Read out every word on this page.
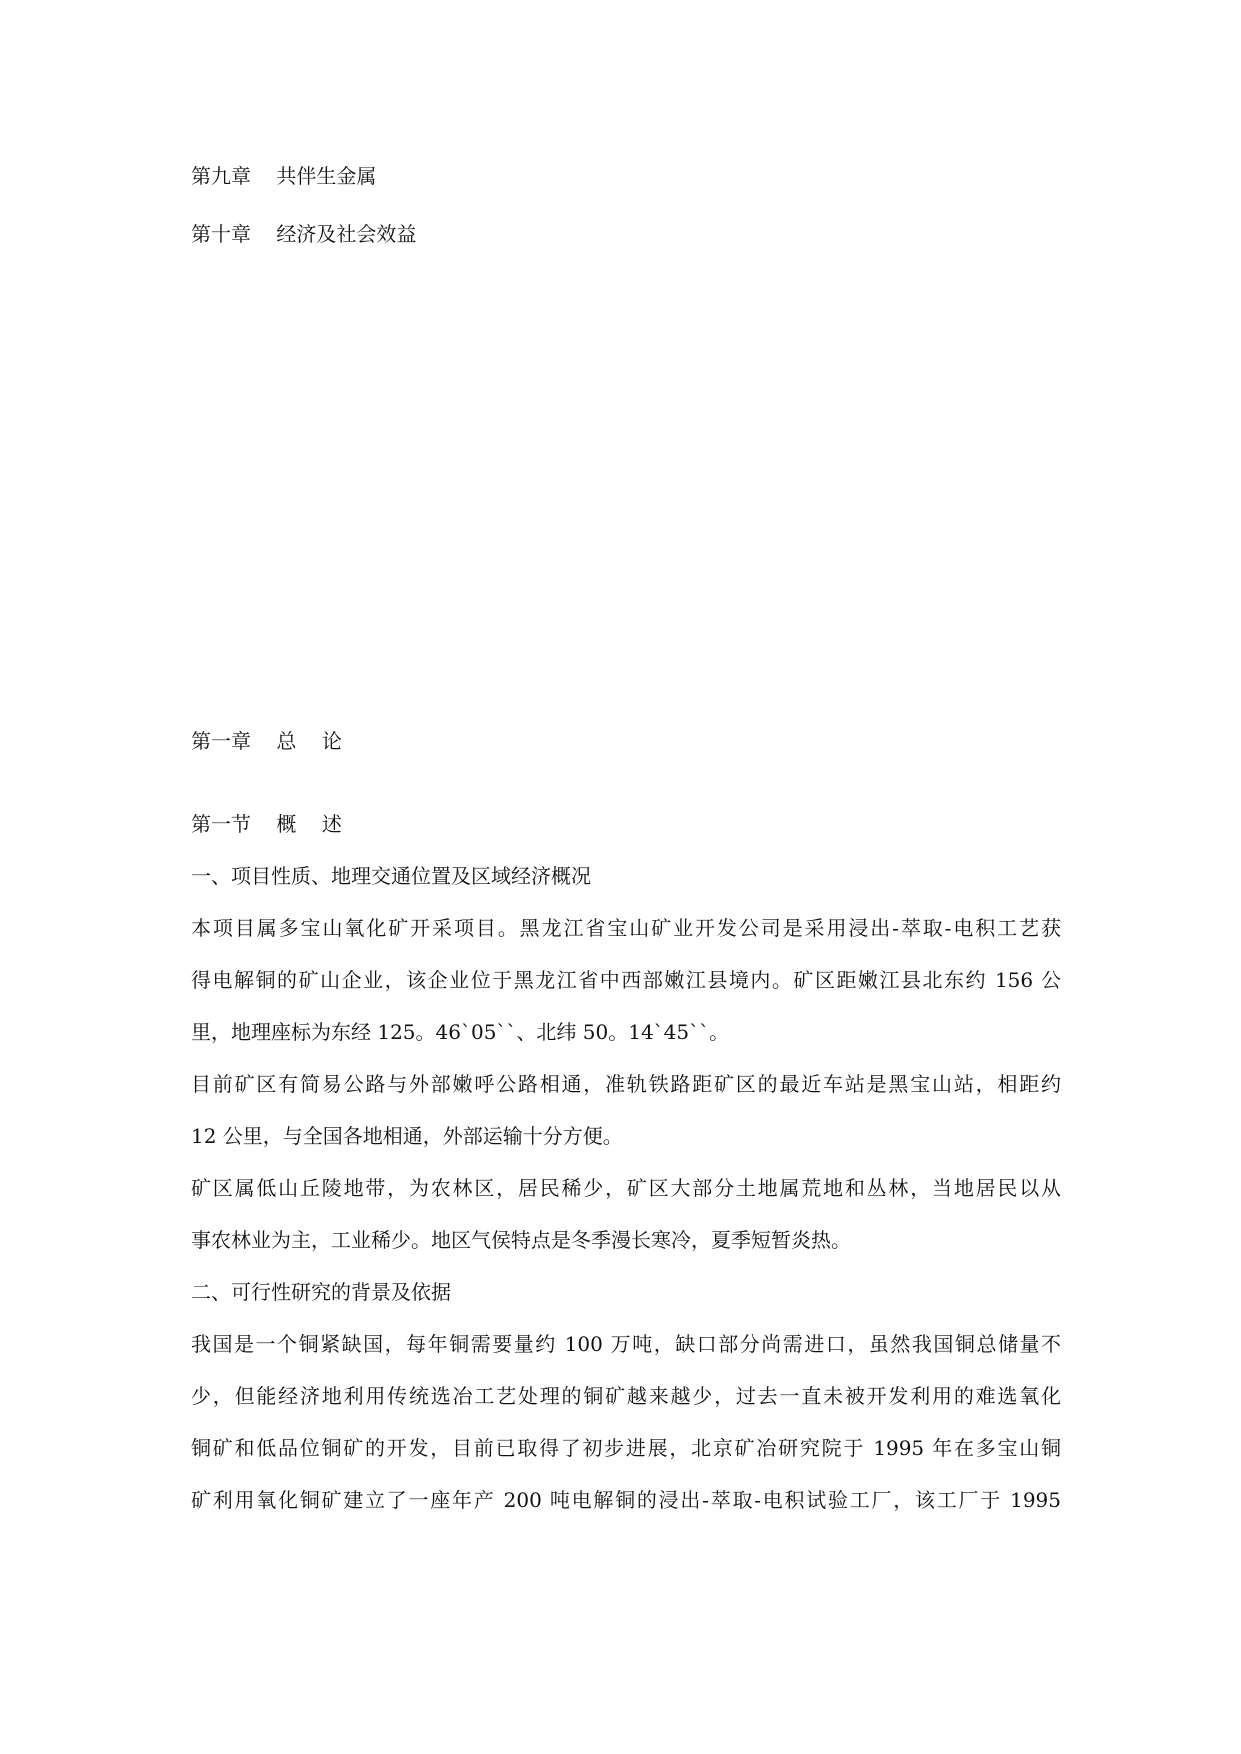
第九章    共伴生金属

第十章    经济及社会效益

第一章    总    论

第一节    概    述

一、项目性质、地理交通位置及区域经济概况

本项目属多宝山氧化矿开采项目。黑龙江省宝山矿业开发公司是采用浸出-萃取-电积工艺获

得电解铜的矿山企业，该企业位于黑龙江省中西部嫩江县境内。矿区距嫩江县北东约 156 公

里，地理座标为东经 125。46`05``、北纬 50。14`45``。

目前矿区有简易公路与外部嫩呼公路相通，准轨铁路距矿区的最近车站是黑宝山站，相距约

12 公里，与全国各地相通，外部运输十分方便。

矿区属低山丘陵地带，为农林区，居民稀少，矿区大部分土地属荒地和丛林，当地居民以从

事农林业为主，工业稀少。地区气侯特点是冬季漫长寒冷，夏季短暂炎热。

二、可行性研究的背景及依据

我国是一个铜紧缺国，每年铜需要量约 100 万吨，缺口部分尚需进口，虽然我国铜总储量不

少，但能经济地利用传统选冶工艺处理的铜矿越来越少，过去一直未被开发利用的难选氧化

铜矿和低品位铜矿的开发，目前已取得了初步进展，北京矿冶研究院于 1995 年在多宝山铜

矿利用氧化铜矿建立了一座年产 200 吨电解铜的浸出-萃取-电积试验工厂，该工厂于 1995
